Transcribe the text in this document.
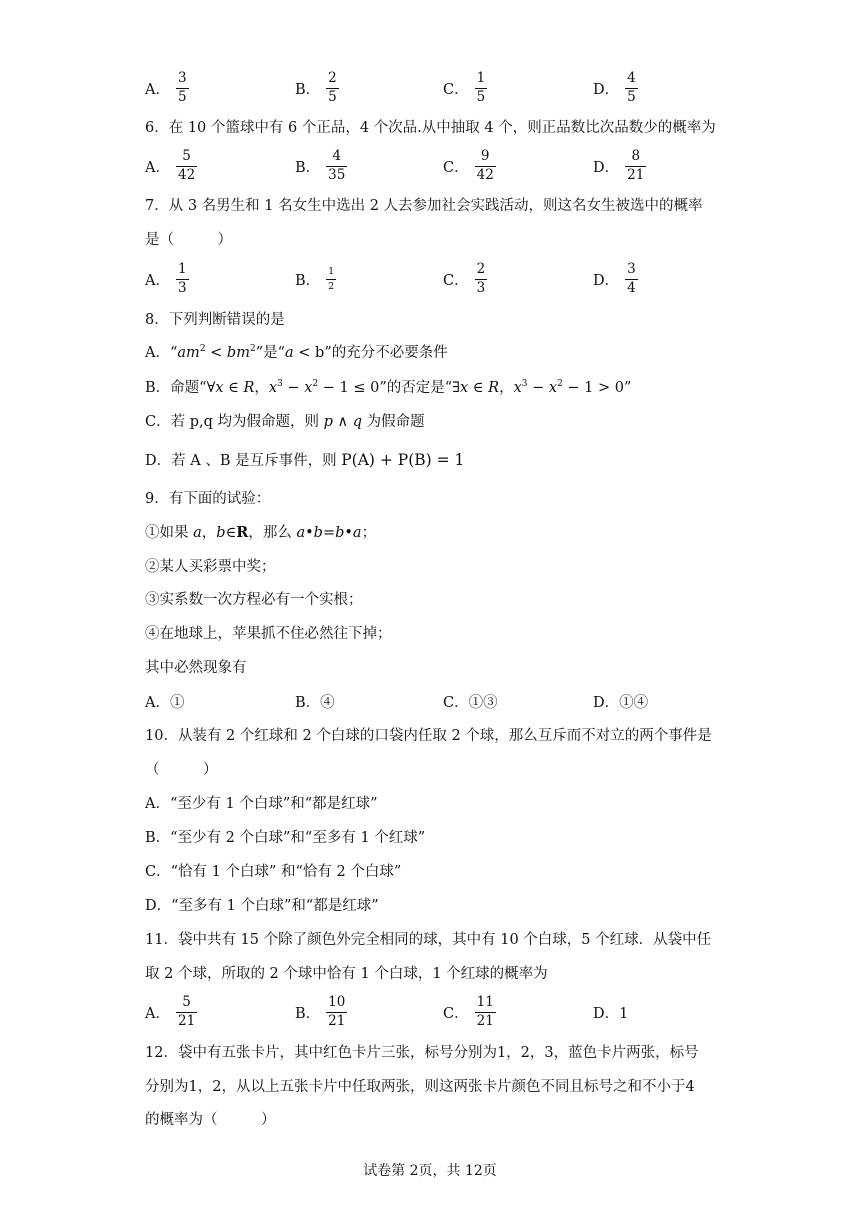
A． $\frac{3}{5}$	B． $\frac{2}{5}$	C． $\frac{1}{5}$	D． $\frac{4}{5}$
6．在 10 个篮球中有 6 个正品，4 个次品.从中抽取 4 个，则正品数比次品数少的概率为
A． $\frac{5}{42}$	B． $\frac{4}{35}$	C． $\frac{9}{42}$	D． $\frac{8}{21}$
7．从 3 名男生和 1 名女生中选出 2 人去参加社会实践活动，则这名女生被选中的概率
是（　　　）
A． $\frac{1}{3}$	B． $\frac{1}{2}$	C． $\frac{2}{3}$	D． $\frac{3}{4}$
8．下列判断错误的是
A．“$am^2 < bm^2$”是“a < b”的充分不必要条件
B．命题“∀x ∈ R，$x^3 - x^2 - 1 \le 0$”的否定是“∃x ∈ R，$x^3 - x^2 - 1 > 0$”
C．若 p,q 均为假命题，则 p ∧ q 为假命题
D．若 A 、B 是互斥事件，则 P(A) + P(B) = 1
9．有下面的试验：
①如果 a，b∈R，那么 a•b=b•a；
②某人买彩票中奖；
③实系数一次方程必有一个实根；
④在地球上，苹果抓不住必然往下掉；
其中必然现象有
A．①	B．④	C．①③	D．①④
10．从装有 2 个红球和 2 个白球的口袋内任取 2 个球，那么互斥而不对立的两个事件是
（　　　）
A．“至少有 1 个白球”和“都是红球”
B．“至少有 2 个白球”和“至多有 1 个红球”
C．“恰有 1 个白球” 和“恰有 2 个白球”
D．“至多有 1 个白球”和“都是红球”
11．袋中共有 15 个除了颜色外完全相同的球，其中有 10 个白球，5 个红球．从袋中任
取 2 个球，所取的 2 个球中恰有 1 个白球，1 个红球的概率为
A． $\frac{5}{21}$	B． $\frac{10}{21}$	C． $\frac{11}{21}$	D．1
12．袋中有五张卡片，其中红色卡片三张，标号分别为1，2，3，蓝色卡片两张，标号
分别为1，2，从以上五张卡片中任取两张，则这两张卡片颜色不同且标号之和不小于4
的概率为（　　　）
试卷第 2页，共 12页
